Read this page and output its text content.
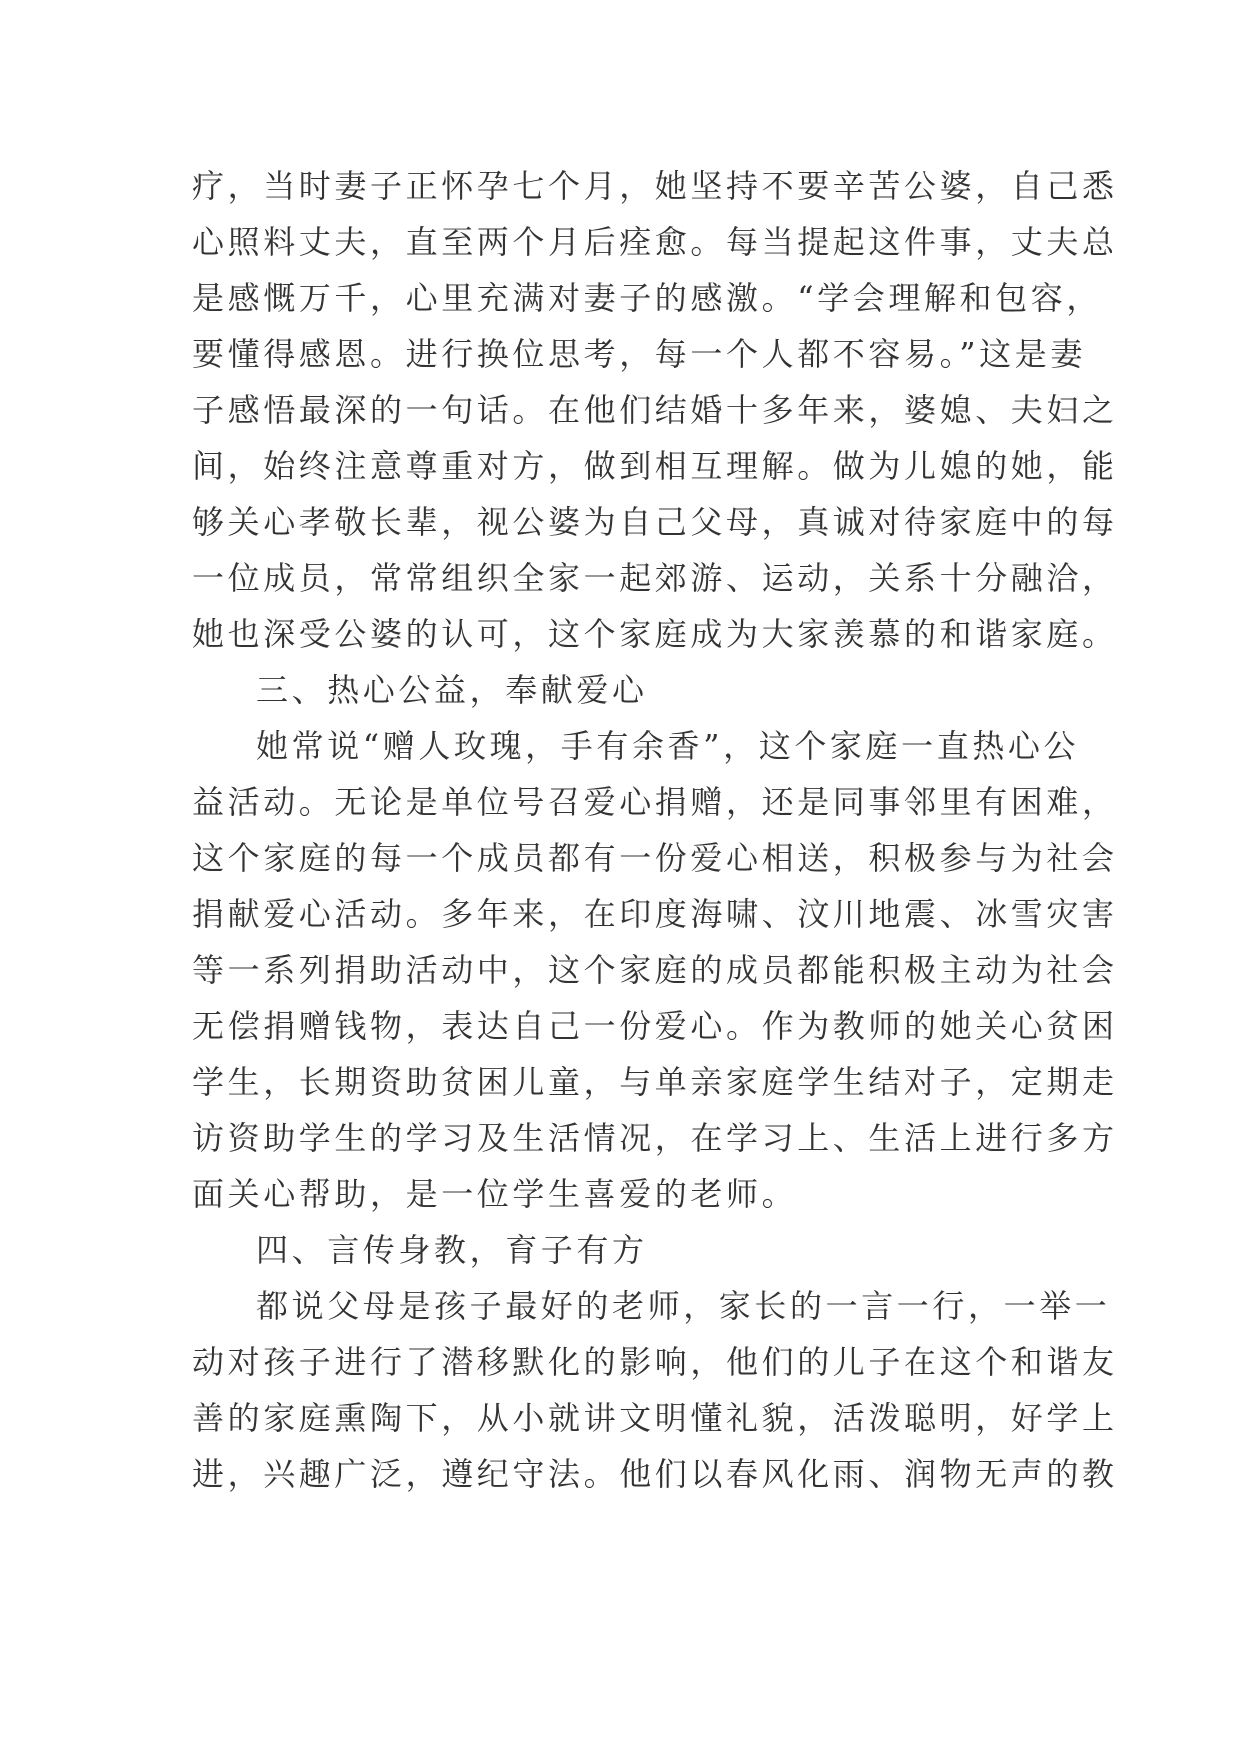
疗，当时妻子正怀孕七个月，她坚持不要辛苦公婆，自己悉
心照料丈夫，直至两个月后痊愈。每当提起这件事，丈夫总
是感慨万千，心里充满对妻子的感激。“学会理解和包容，
要懂得感恩。进行换位思考，每一个人都不容易。”这是妻
子感悟最深的一句话。在他们结婚十多年来，婆媳、夫妇之
间，始终注意尊重对方，做到相互理解。做为儿媳的她，能
够关心孝敬长辈，视公婆为自己父母，真诚对待家庭中的每
一位成员，常常组织全家一起郊游、运动，关系十分融洽，
她也深受公婆的认可，这个家庭成为大家羡慕的和谐家庭。
三、热心公益，奉献爱心
她常说“赠人玫瑰，手有余香”，这个家庭一直热心公
益活动。无论是单位号召爱心捐赠，还是同事邻里有困难，
这个家庭的每一个成员都有一份爱心相送，积极参与为社会
捐献爱心活动。多年来，在印度海啸、汶川地震、冰雪灾害
等一系列捐助活动中，这个家庭的成员都能积极主动为社会
无偿捐赠钱物，表达自己一份爱心。作为教师的她关心贫困
学生，长期资助贫困儿童，与单亲家庭学生结对子，定期走
访资助学生的学习及生活情况，在学习上、生活上进行多方
面关心帮助，是一位学生喜爱的老师。
四、言传身教，育子有方
都说父母是孩子最好的老师，家长的一言一行，一举一
动对孩子进行了潜移默化的影响，他们的儿子在这个和谐友
善的家庭熏陶下，从小就讲文明懂礼貌，活泼聪明，好学上
进，兴趣广泛，遵纪守法。他们以春风化雨、润物无声的教
